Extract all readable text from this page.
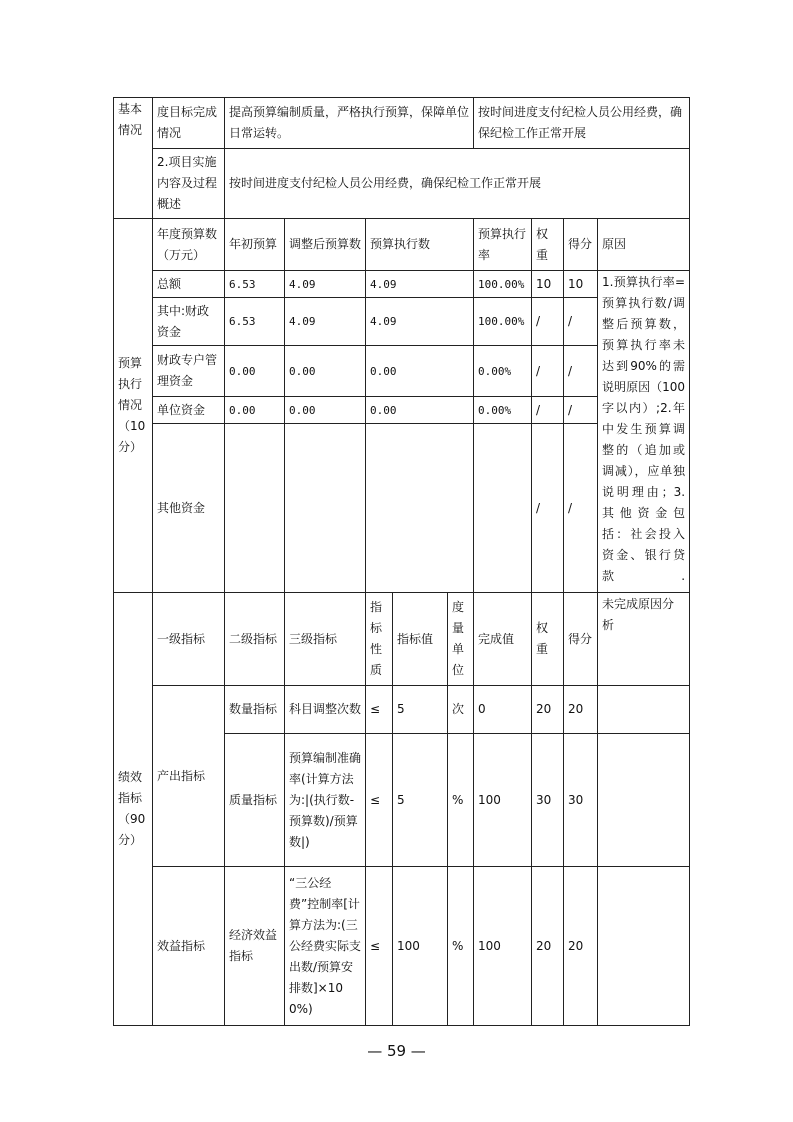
基本情况	度目标完成情况	提高预算编制质量，严格执行预算，保障单位日常运转。					按时间进度支付纪检人员公用经费，确保纪检工作正常开展			
	2.项目实施内容及过程概述	按时间进度支付纪检人员公用经费，确保纪检工作正常开展								
预算执行情况（10分）	年度预算数（万元）	年初预算	调整后预算数	预算执行数			预算执行率	权重	得分	原因
	总额	6.53	4.09	4.09			100.00%	10	10	1.预算执行率=预算执行数/调整后预算数，预算执行率未达到90%的需说明原因（100字以内）;2.年中发生预算调整的（追加或调减），应单独说明理由；3.其他资金包括：社会投入资金、银行贷款.
	其中:财政资金	6.53	4.09	4.09			100.00%	/	/	
	财政专户管理资金	0.00	0.00	0.00			0.00%	/	/	
	单位资金	0.00	0.00	0.00			0.00%	/	/	
	其他资金							/	/	
绩效指标（90分）	一级指标	二级指标	三级指标	指标性质	指标值	度量单位	完成值	权重	得分	未完成原因分析
	产出指标	数量指标	科目调整次数	≤	5	次	0	20	20	
		质量指标	预算编制准确率(计算方法为:|(执行数-预算数)/预算数|)	≤	5	%	100	30	30	
	效益指标	经济效益指标	“三公经费”控制率[计算方法为:(三公经费实际支出数/预算安排数]×100%)	≤	100	%	100	20	20	
— 59 —
